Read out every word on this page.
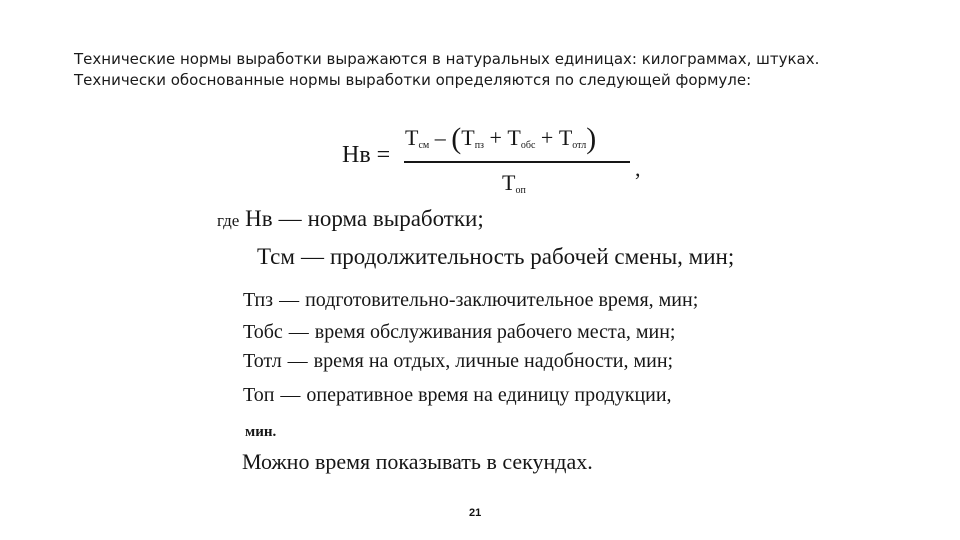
Технические нормы выработки выражаются в натуральных единицах: килограммах, штуках.
Технически обоснованные нормы выработки определяются по следующей формуле:
Нв =
$Т_{см} - (Т_{пз} + Т_{обс} + Т_{отл})$
$Т_{оп}$
,
где Нв — норма выработки;
Тсм — продолжительность рабочей смены, мин;
Тпз — подготовительно-заключительное время, мин;
Тобс — время обслуживания рабочего места, мин;
Тотл — время на отдых, личные надобности, мин;
Топ — оперативное время на единицу продукции,
мин.
Можно время показывать в секундах.
21
